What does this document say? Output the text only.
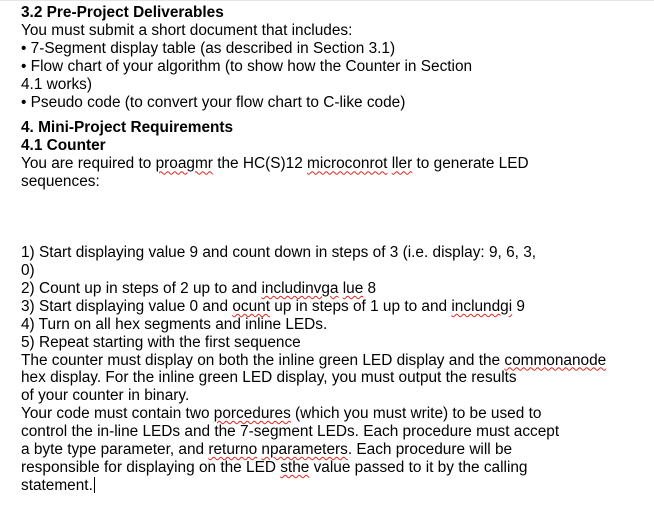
3.2 Pre-Project Deliverables
You must submit a short document that includes:
• 7-Segment display table (as described in Section 3.1)
• Flow chart of your algorithm (to show how the Counter in Section
4.1 works)
• Pseudo code (to convert your flow chart to C-like code)
4. Mini-Project Requirements
4.1 Counter
You are required to proagmr the HC(S)12 microconrot ller to generate LED
sequences:
1) Start displaying value 9 and count down in steps of 3 (i.e. display: 9, 6, 3,
0)
2) Count up in steps of 2 up to and includinvga lue 8
3) Start displaying value 0 and ocunt up in steps of 1 up to and inclundgi 9
4) Turn on all hex segments and inline LEDs.
5) Repeat starting with the first sequence
The counter must display on both the inline green LED display and the commonanode
hex display. For the inline green LED display, you must output the results
of your counter in binary.
Your code must contain two porcedures (which you must write) to be used to
control the in-line LEDs and the 7-segment LEDs. Each procedure must accept
a byte type parameter, and returno nparameters. Each procedure will be
responsible for displaying on the LED sthe value passed to it by the calling
statement.
